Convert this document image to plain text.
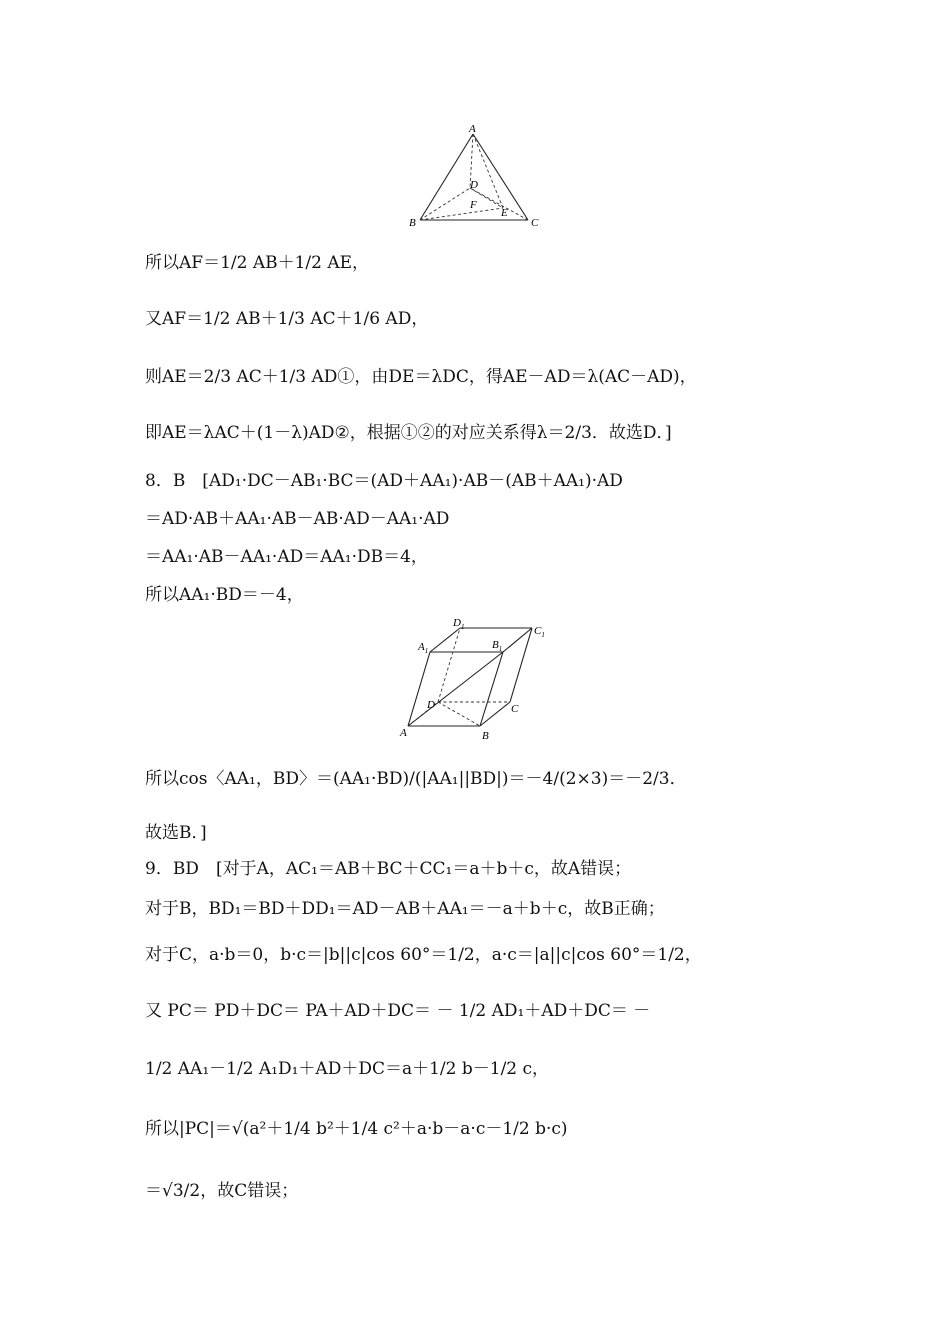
A
B	C
D
E
F
所以AF＝1/2 AB＋1/2 AE，
又AF＝1/2 AB＋1/3 AC＋1/6 AD，
则AE＝2/3 AC＋1/3 AD①，由DE＝λDC，得AE－AD＝λ(AC－AD)，
即AE＝λAC＋(1－λ)AD②，根据①②的对应关系得λ＝2/3．故选D．]
8．B　[AD₁·DC－AB₁·BC＝(AD＋AA₁)·AB－(AB＋AA₁)·AD
＝AD·AB＋AA₁·AB－AB·AD－AA₁·AD
＝AA₁·AB－AA₁·AD＝AA₁·DB＝4，
所以AA₁·BD＝－4，
A	B
C
D
$A_1$	$B_1$
$C_1$
$D_1$
所以cos〈AA₁，BD〉＝(AA₁·BD)/(|AA₁||BD|)＝－4/(2×3)＝－2/3．
故选B．]
9．BD　[对于A，AC₁＝AB＋BC＋CC₁＝a＋b＋c，故A错误；
对于B，BD₁＝BD＋DD₁＝AD－AB＋AA₁＝－a＋b＋c，故B正确；
对于C，a·b＝0，b·c＝|b||c|cos 60°＝1/2，a·c＝|a||c|cos 60°＝1/2，
又 PC＝ PD＋DC＝ PA＋AD＋DC＝ － 1/2 AD₁＋AD＋DC＝ －
1/2 AA₁－1/2 A₁D₁＋AD＋DC＝a＋1/2 b－1/2 c，
所以|PC|＝√(a²＋1/4 b²＋1/4 c²＋a·b－a·c－1/2 b·c)
＝√3/2，故C错误；
